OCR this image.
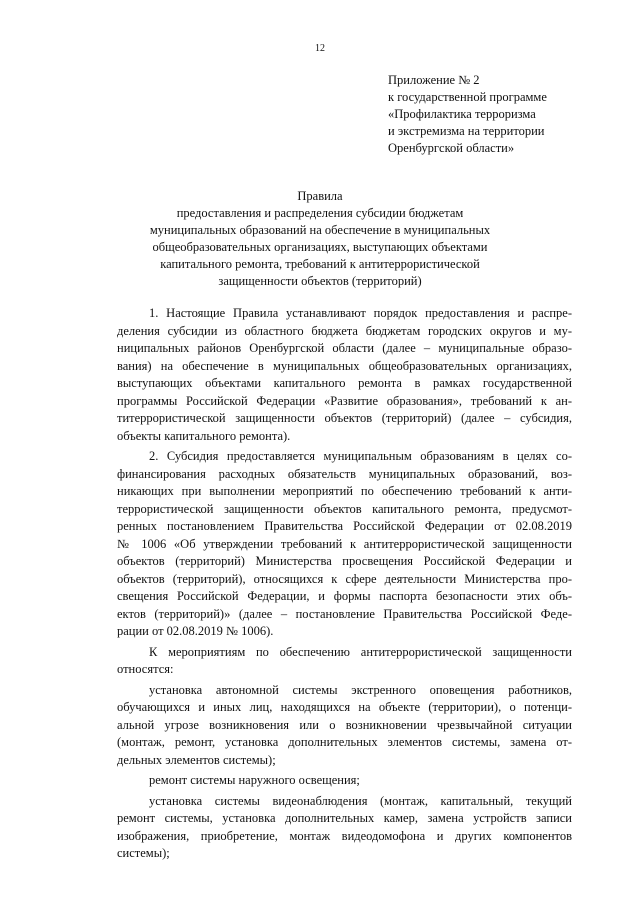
12
Приложение № 2
к государственной программе
«Профилактика терроризма
и экстремизма на территории
Оренбургской области»
Правила
предоставления и распределения субсидии бюджетам
муниципальных образований на обеспечение в муниципальных
общеобразовательных организациях, выступающих объектами
капитального ремонта, требований к антитеррористической
защищенности объектов (территорий)
1. Настоящие Правила устанавливают порядок предоставления и распре-
деления субсидии из областного бюджета бюджетам городских округов и му-
ниципальных районов Оренбургской области (далее – муниципальные образо-
вания) на обеспечение в муниципальных общеобразовательных организациях,
выступающих объектами капитального ремонта в рамках государственной
программы Российской Федерации «Развитие образования», требований к ан-
титеррористической защищенности объектов (территорий) (далее – субсидия,
объекты капитального ремонта).
2. Субсидия предоставляется муниципальным образованиям в целях со-
финансирования расходных обязательств муниципальных образований, воз-
никающих при выполнении мероприятий по обеспечению требований к анти-
террористической защищенности объектов капитального ремонта, предусмот-
ренных постановлением Правительства Российской Федерации от 02.08.2019
№ 1006 «Об утверждении требований к антитеррористической защищенности
объектов (территорий) Министерства просвещения Российской Федерации и
объектов (территорий), относящихся к сфере деятельности Министерства про-
свещения Российской Федерации, и формы паспорта безопасности этих объ-
ектов (территорий)» (далее – постановление Правительства Российской Феде-
рации от 02.08.2019 № 1006).
К мероприятиям по обеспечению антитеррористической защищенности
относятся:
установка автономной системы экстренного оповещения работников,
обучающихся и иных лиц, находящихся на объекте (территории), о потенци-
альной угрозе возникновения или о возникновении чрезвычайной ситуации
(монтаж, ремонт, установка дополнительных элементов системы, замена от-
дельных элементов системы);
ремонт системы наружного освещения;
установка системы видеонаблюдения (монтаж, капитальный, текущий
ремонт системы, установка дополнительных камер, замена устройств записи
изображения, приобретение, монтаж видеодомофона и других компонентов
системы);
